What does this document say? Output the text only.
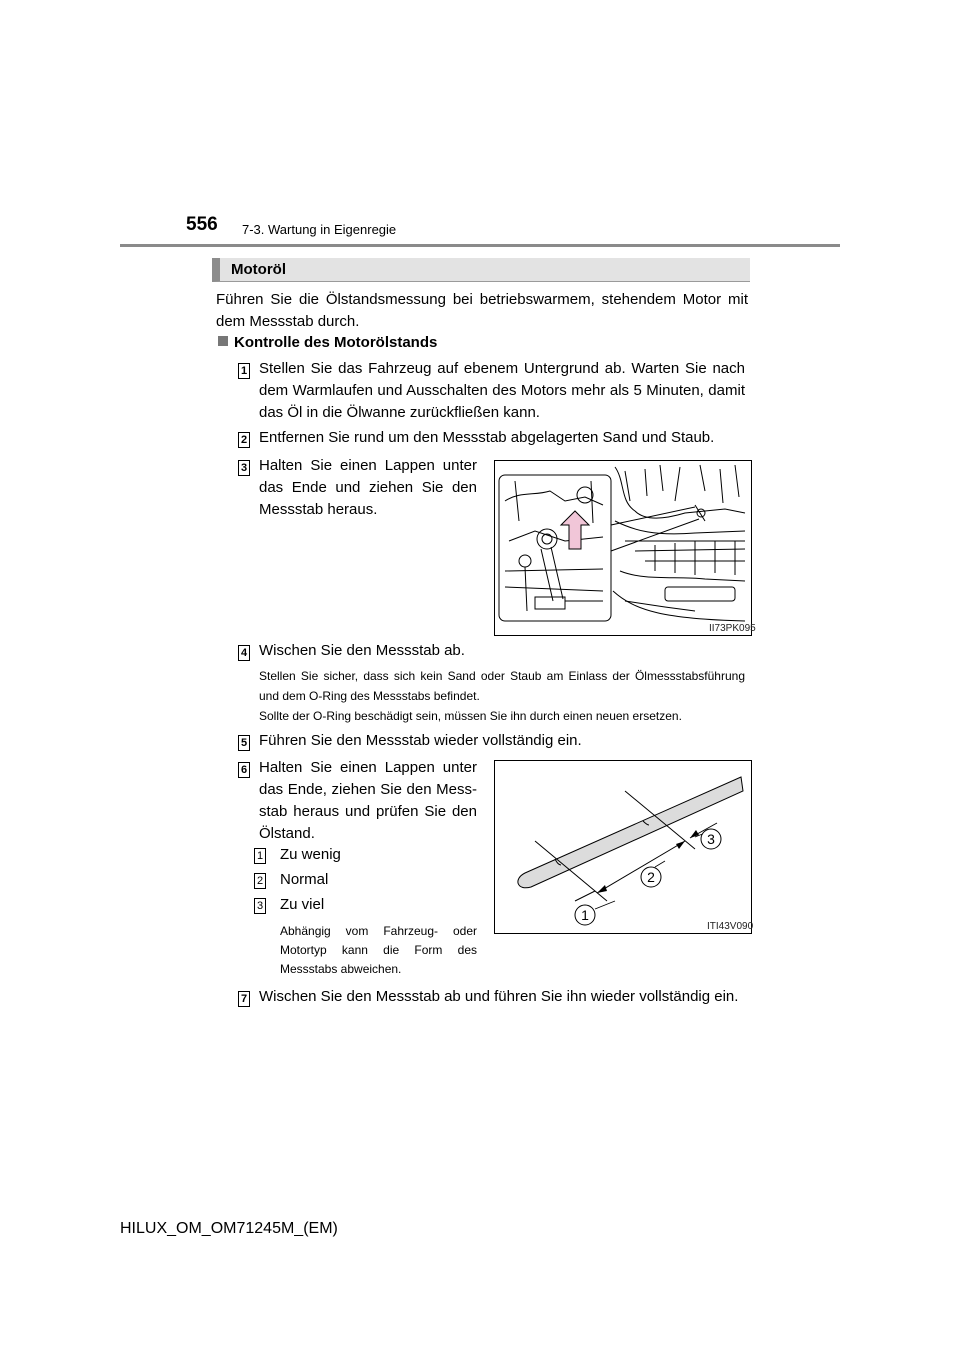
556 7-3. Wartung in Eigenregie
Motoröl
Führen Sie die Ölstandsmessung bei betriebswarmem, stehendem Motor mit dem Messstab durch.
Kontrolle des Motorölstands
1 Stellen Sie das Fahrzeug auf ebenem Untergrund ab. Warten Sie nach dem Warmlaufen und Ausschalten des Motors mehr als 5 Minuten, damit das Öl in die Ölwanne zurückfließen kann.
2 Entfernen Sie rund um den Messstab abgelagerten Sand und Staub.
3 Halten Sie einen Lappen unter das Ende und ziehen Sie den Messstab heraus.
II73PK095
4 Wischen Sie den Messstab ab.
Stellen Sie sicher, dass sich kein Sand oder Staub am Einlass der Ölmessstabsführung und dem O-Ring des Messstabs befindet.
Sollte der O-Ring beschädigt sein, müssen Sie ihn durch einen neuen ersetzen.
5 Führen Sie den Messstab wieder vollständig ein.
6 Halten Sie einen Lappen unter das Ende, ziehen Sie den Messstab heraus und prüfen Sie den Ölstand.
1 Zu wenig
2 Normal
3 Zu viel
Abhängig vom Fahrzeug- oder Motortyp kann die Form des Messstabs abweichen.
1
2
3
ITI43V090
7 Wischen Sie den Messstab ab und führen Sie ihn wieder vollständig ein.
HILUX_OM_OM71245M_(EM)
